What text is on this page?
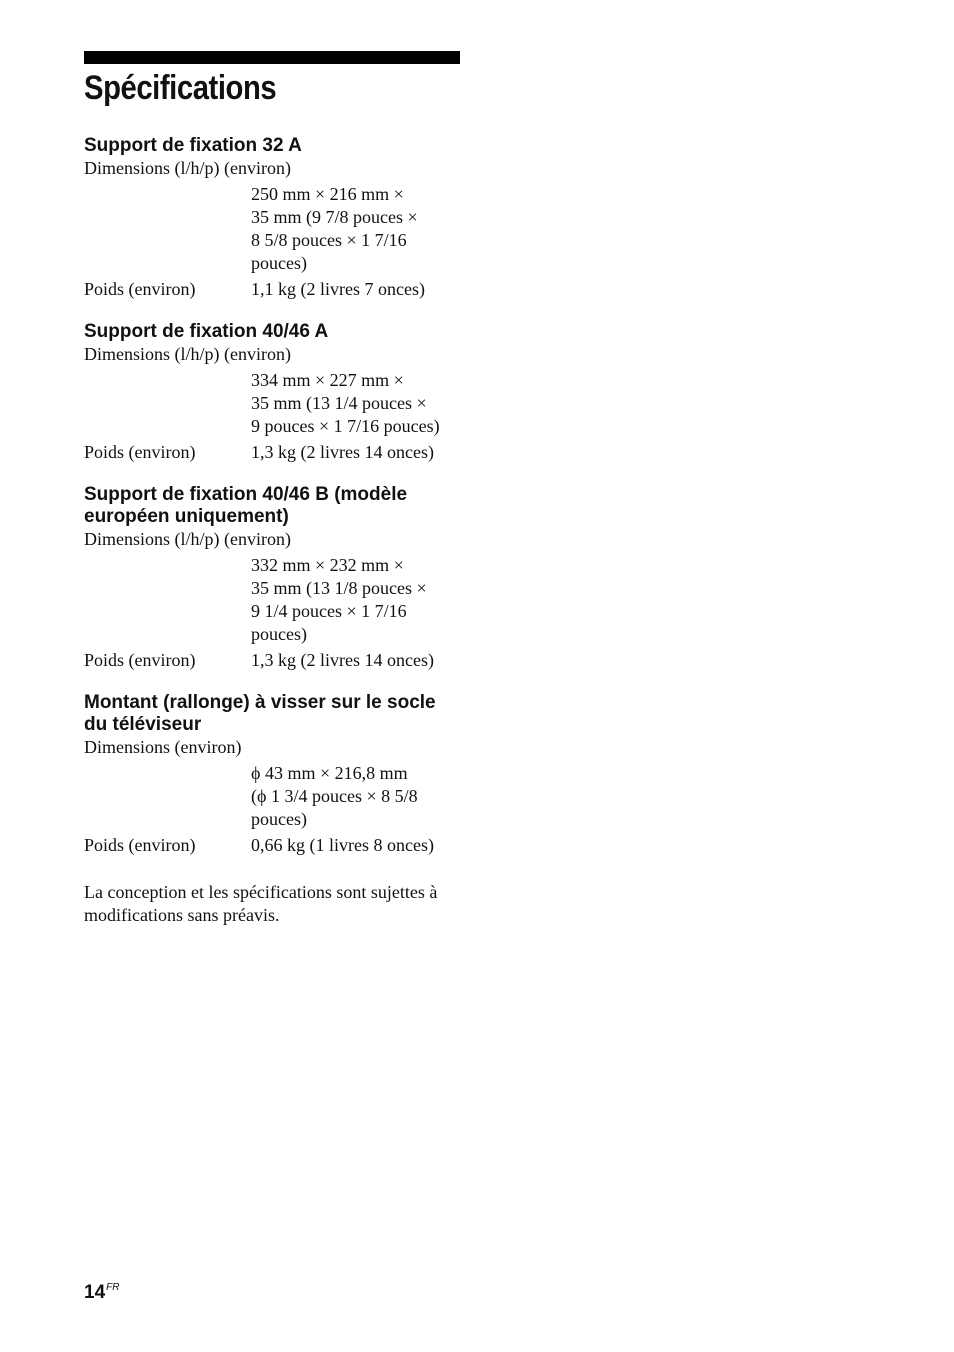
Spécifications
Support de fixation 32 A
Dimensions (l/h/p) (environ)
250 mm × 216 mm ×
35 mm (9 7/8 pouces ×
8 5/8 pouces × 1 7/16
pouces)
Poids (environ)	1,1 kg (2 livres 7 onces)
Support de fixation 40/46 A
Dimensions (l/h/p) (environ)
334 mm × 227 mm ×
35 mm (13 1/4 pouces ×
9 pouces × 1 7/16 pouces)
Poids (environ)	1,3 kg (2 livres 14 onces)
Support de fixation 40/46 B (modèle européen uniquement)
Dimensions (l/h/p) (environ)
332 mm × 232 mm ×
35 mm (13 1/8 pouces ×
9 1/4 pouces × 1 7/16
pouces)
Poids (environ)	1,3 kg (2 livres 14 onces)
Montant (rallonge) à visser sur le socle du téléviseur
Dimensions (environ)
ϕ 43 mm × 216,8 mm
(ϕ 1 3/4 pouces × 8 5/8
pouces)
Poids (environ)	0,66 kg (1 livres 8 onces)
La conception et les spécifications sont sujettes à modifications sans préavis.
$14^{FR}$
